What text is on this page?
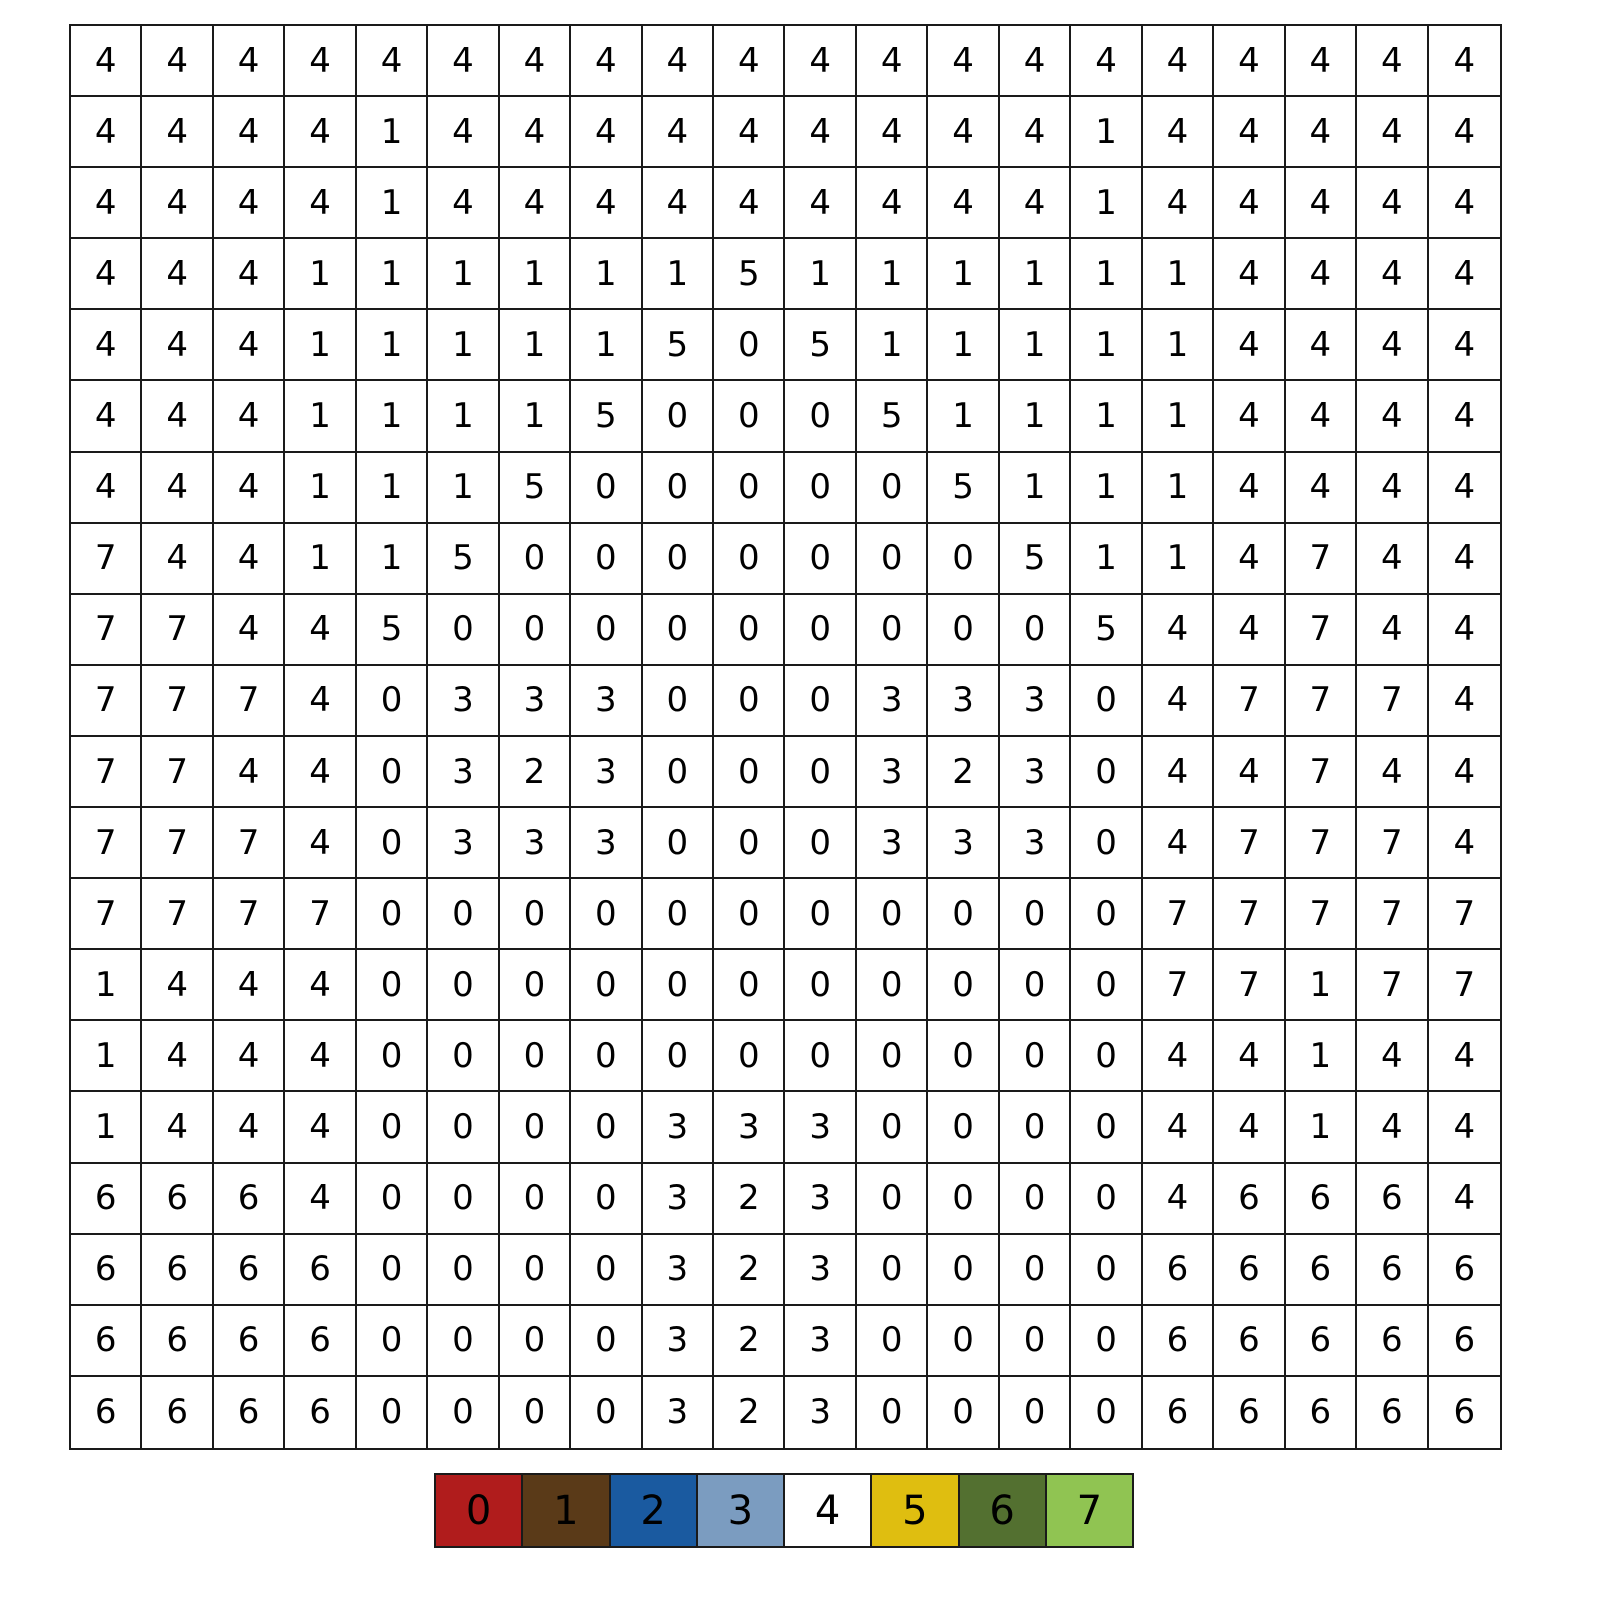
4	4	4	4	4	4	4	4	4	4	4	4	4	4	4	4	4	4	4	4
4	4	4	4	1	4	4	4	4	4	4	4	4	4	1	4	4	4	4	4
4	4	4	4	1	4	4	4	4	4	4	4	4	4	1	4	4	4	4	4
4	4	4	1	1	1	1	1	1	5	1	1	1	1	1	1	4	4	4	4
4	4	4	1	1	1	1	1	5	0	5	1	1	1	1	1	4	4	4	4
4	4	4	1	1	1	1	5	0	0	0	5	1	1	1	1	4	4	4	4
4	4	4	1	1	1	5	0	0	0	0	0	5	1	1	1	4	4	4	4
7	4	4	1	1	5	0	0	0	0	0	0	0	5	1	1	4	7	4	4
7	7	4	4	5	0	0	0	0	0	0	0	0	0	5	4	4	7	4	4
7	7	7	4	0	3	3	3	0	0	0	3	3	3	0	4	7	7	7	4
7	7	4	4	0	3	2	3	0	0	0	3	2	3	0	4	4	7	4	4
7	7	7	4	0	3	3	3	0	0	0	3	3	3	0	4	7	7	7	4
7	7	7	7	0	0	0	0	0	0	0	0	0	0	0	7	7	7	7	7
1	4	4	4	0	0	0	0	0	0	0	0	0	0	0	7	7	1	7	7
1	4	4	4	0	0	0	0	0	0	0	0	0	0	0	4	4	1	4	4
1	4	4	4	0	0	0	0	3	3	3	0	0	0	0	4	4	1	4	4
6	6	6	4	0	0	0	0	3	2	3	0	0	0	0	4	6	6	6	4
6	6	6	6	0	0	0	0	3	2	3	0	0	0	0	6	6	6	6	6
6	6	6	6	0	0	0	0	3	2	3	0	0	0	0	6	6	6	6	6
6	6	6	6	0	0	0	0	3	2	3	0	0	0	0	6	6	6	6	6
0	1	2	3	4	5	6	7
